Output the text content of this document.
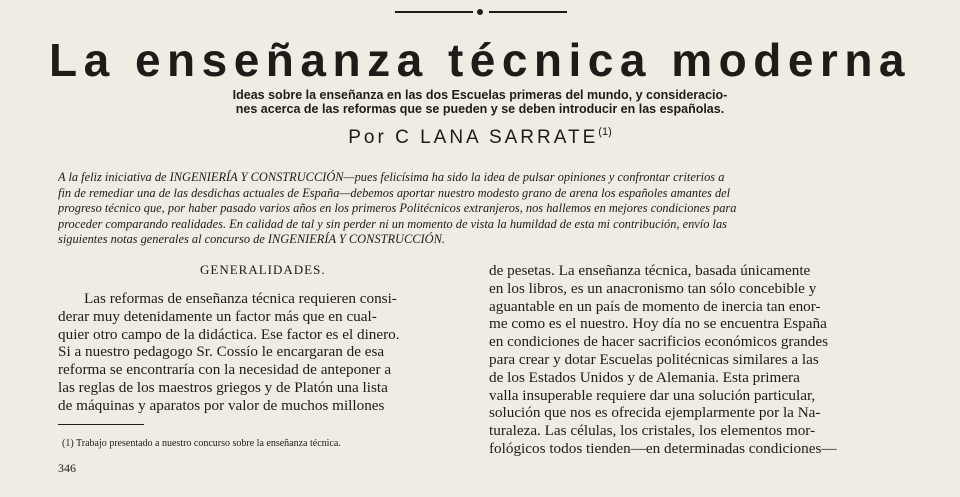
La enseñanza técnica moderna
Ideas sobre la enseñanza en las dos Escuelas primeras del mundo, y consideracio-
nes acerca de las reformas que se pueden y se deben introducir en las españolas.
Por C LANA SARRATE$^{(1)}$
A la feliz iniciativa de INGENIERÍA Y CONSTRUCCIÓN—pues felicísima ha sido la idea de pulsar opiniones y confrontar criterios a
fin de remediar una de las desdichas actuales de España—debemos aportar nuestro modesto grano de arena los españoles amantes del
progreso técnico que, por haber pasado varios años en los primeros Politécnicos extranjeros, nos hallemos en mejores condiciones para
proceder comparando realidades. En calidad de tal y sin perder ni un momento de vista la humildad de esta mi contribución, envío las
siguientes notas generales al concurso de INGENIERÍA Y CONSTRUCCIÓN.
GENERALIDADES.
Las reformas de enseñanza técnica requieren consi-
derar muy detenidamente un factor más que en cual-
quier otro campo de la didáctica. Ese factor es el dinero.
Si a nuestro pedagogo Sr. Cossío le encargaran de esa
reforma se encontraría con la necesidad de anteponer a
las reglas de los maestros griegos y de Platón una lista
de máquinas y aparatos por valor de muchos millones
(1) Trabajo presentado a nuestro concurso sobre la enseñanza técnica.
346
de pesetas. La enseñanza técnica, basada únicamente
en los libros, es un anacronismo tan sólo concebible y
aguantable en un país de momento de inercia tan enor-
me como es el nuestro. Hoy día no se encuentra España
en condiciones de hacer sacrificios económicos grandes
para crear y dotar Escuelas politécnicas similares a las
de los Estados Unidos y de Alemania. Esta primera
valla insuperable requiere dar una solución particular,
solución que nos es ofrecida ejemplarmente por la Na-
turaleza. Las células, los cristales, los elementos mor-
fológicos todos tienden—en determinadas condiciones—
